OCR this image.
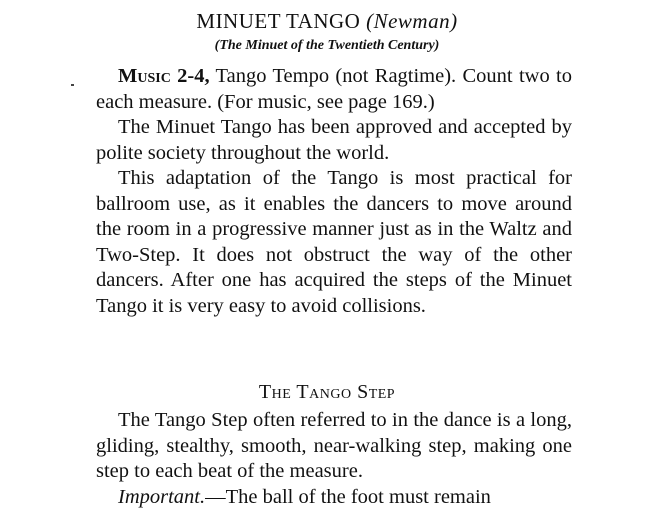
MINUET TANGO (Newman)
(The Minuet of the Twentieth Century)

Music 2-4, Tango Tempo (not Ragtime). Count two to each measure. (For music, see page 169.)

The Minuet Tango has been approved and accepted by polite society throughout the world.

This adaptation of the Tango is most practical for ballroom use, as it enables the dancers to move around the room in a progressive manner just as in the Waltz and Two-Step. It does not obstruct the way of the other dancers. After one has acquired the steps of the Minuet Tango it is very easy to avoid collisions.

The Tango Step

The Tango Step often referred to in the dance is a long, gliding, stealthy, smooth, near-walking step, making one step to each beat of the measure.

Important.—The ball of the foot must remain
